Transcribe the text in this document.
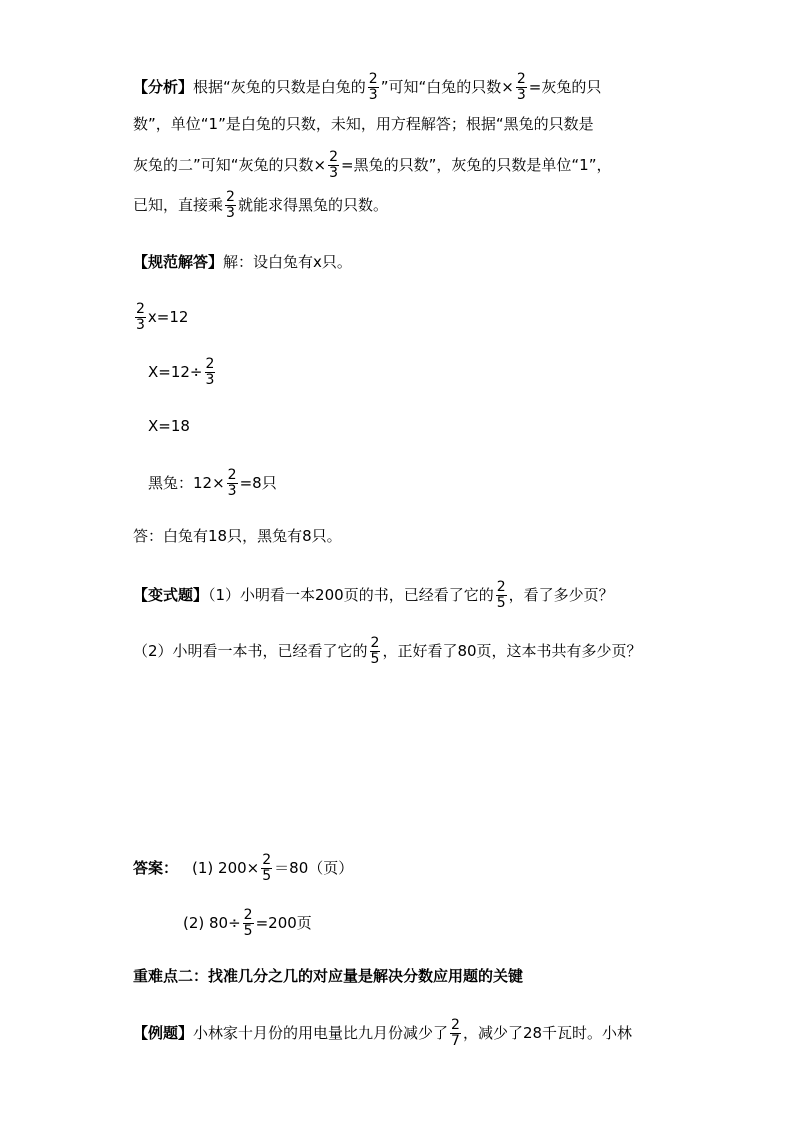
【分析】根据“灰兔的只数是白兔的 $\frac{2}{3}$ ”可知“白兔的只数× $\frac{2}{3}$ =灰兔的只
数”，单位“1”是白兔的只数，未知，用方程解答；根据“黑兔的只数是
灰兔的二”可知“灰兔的只数× $\frac{2}{3}$ =黑兔的只数”，灰兔的只数是单位“1”，
已知，直接乘 $\frac{2}{3}$ 就能求得黑兔的只数。
【规范解答】解：设白兔有x只。
$\frac{2}{3} x=12$
$X=12\div \frac{2}{3}$
X=18
黑兔：$12\times \frac{2}{3} =8$只
答：白兔有18只，黑兔有8只。
【变式题】（1）小明看一本200页的书，已经看了它的 $\frac{2}{5}$ ，看了多少页？
（2）小明看一本书，已经看了它的 $\frac{2}{5}$ ，正好看了80页，这本书共有多少页？
答案： (1) $200\times \frac{2}{5} =80$（页）
(2) $80\div \frac{2}{5} =200$页
重难点二：找准几分之几的对应量是解决分数应用题的关键
【例题】小林家十月份的用电量比九月份减少了 $\frac{2}{7}$ ，减少了28千瓦时。小林
